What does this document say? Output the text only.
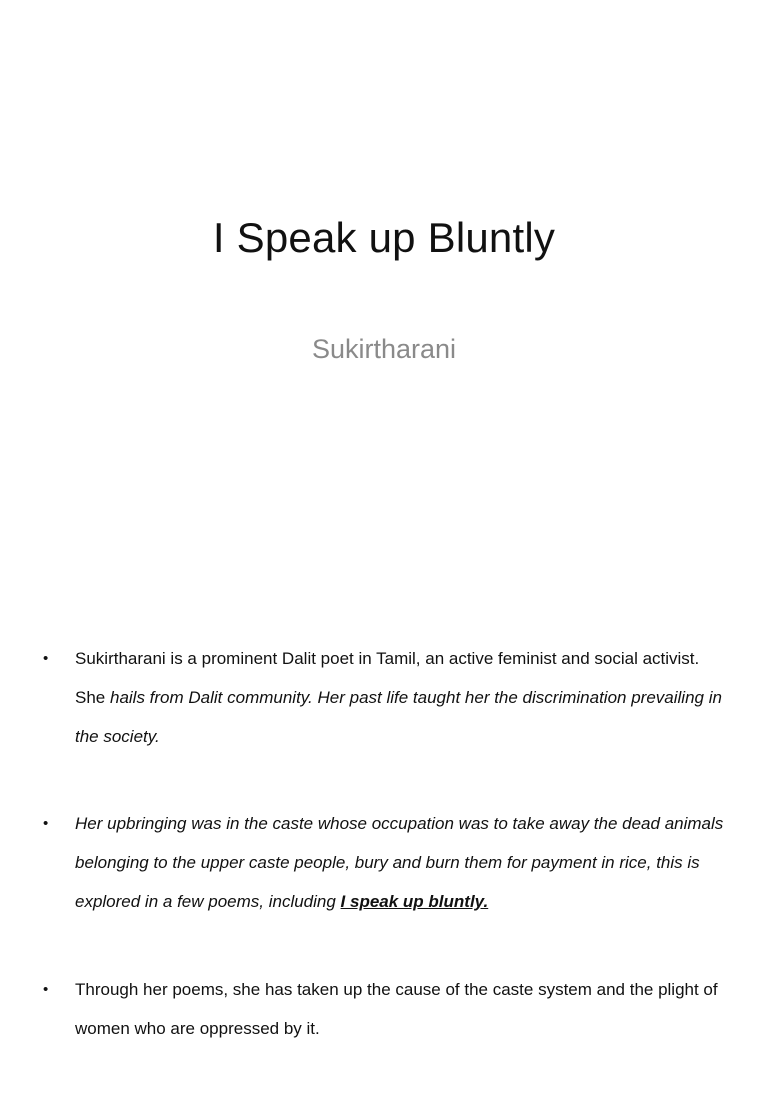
I Speak up Bluntly
Sukirtharani
• Sukirtharani is a prominent Dalit poet in Tamil, an active feminist and social activist. She hails from Dalit community. Her past life taught her the discrimination prevailing in the society.
• Her upbringing was in the caste whose occupation was to take away the dead animals belonging to the upper caste people, bury and burn them for payment in rice, this is explored in a few poems, including I speak up bluntly.
• Through her poems, she has taken up the cause of the caste system and the plight of women who are oppressed by it.
